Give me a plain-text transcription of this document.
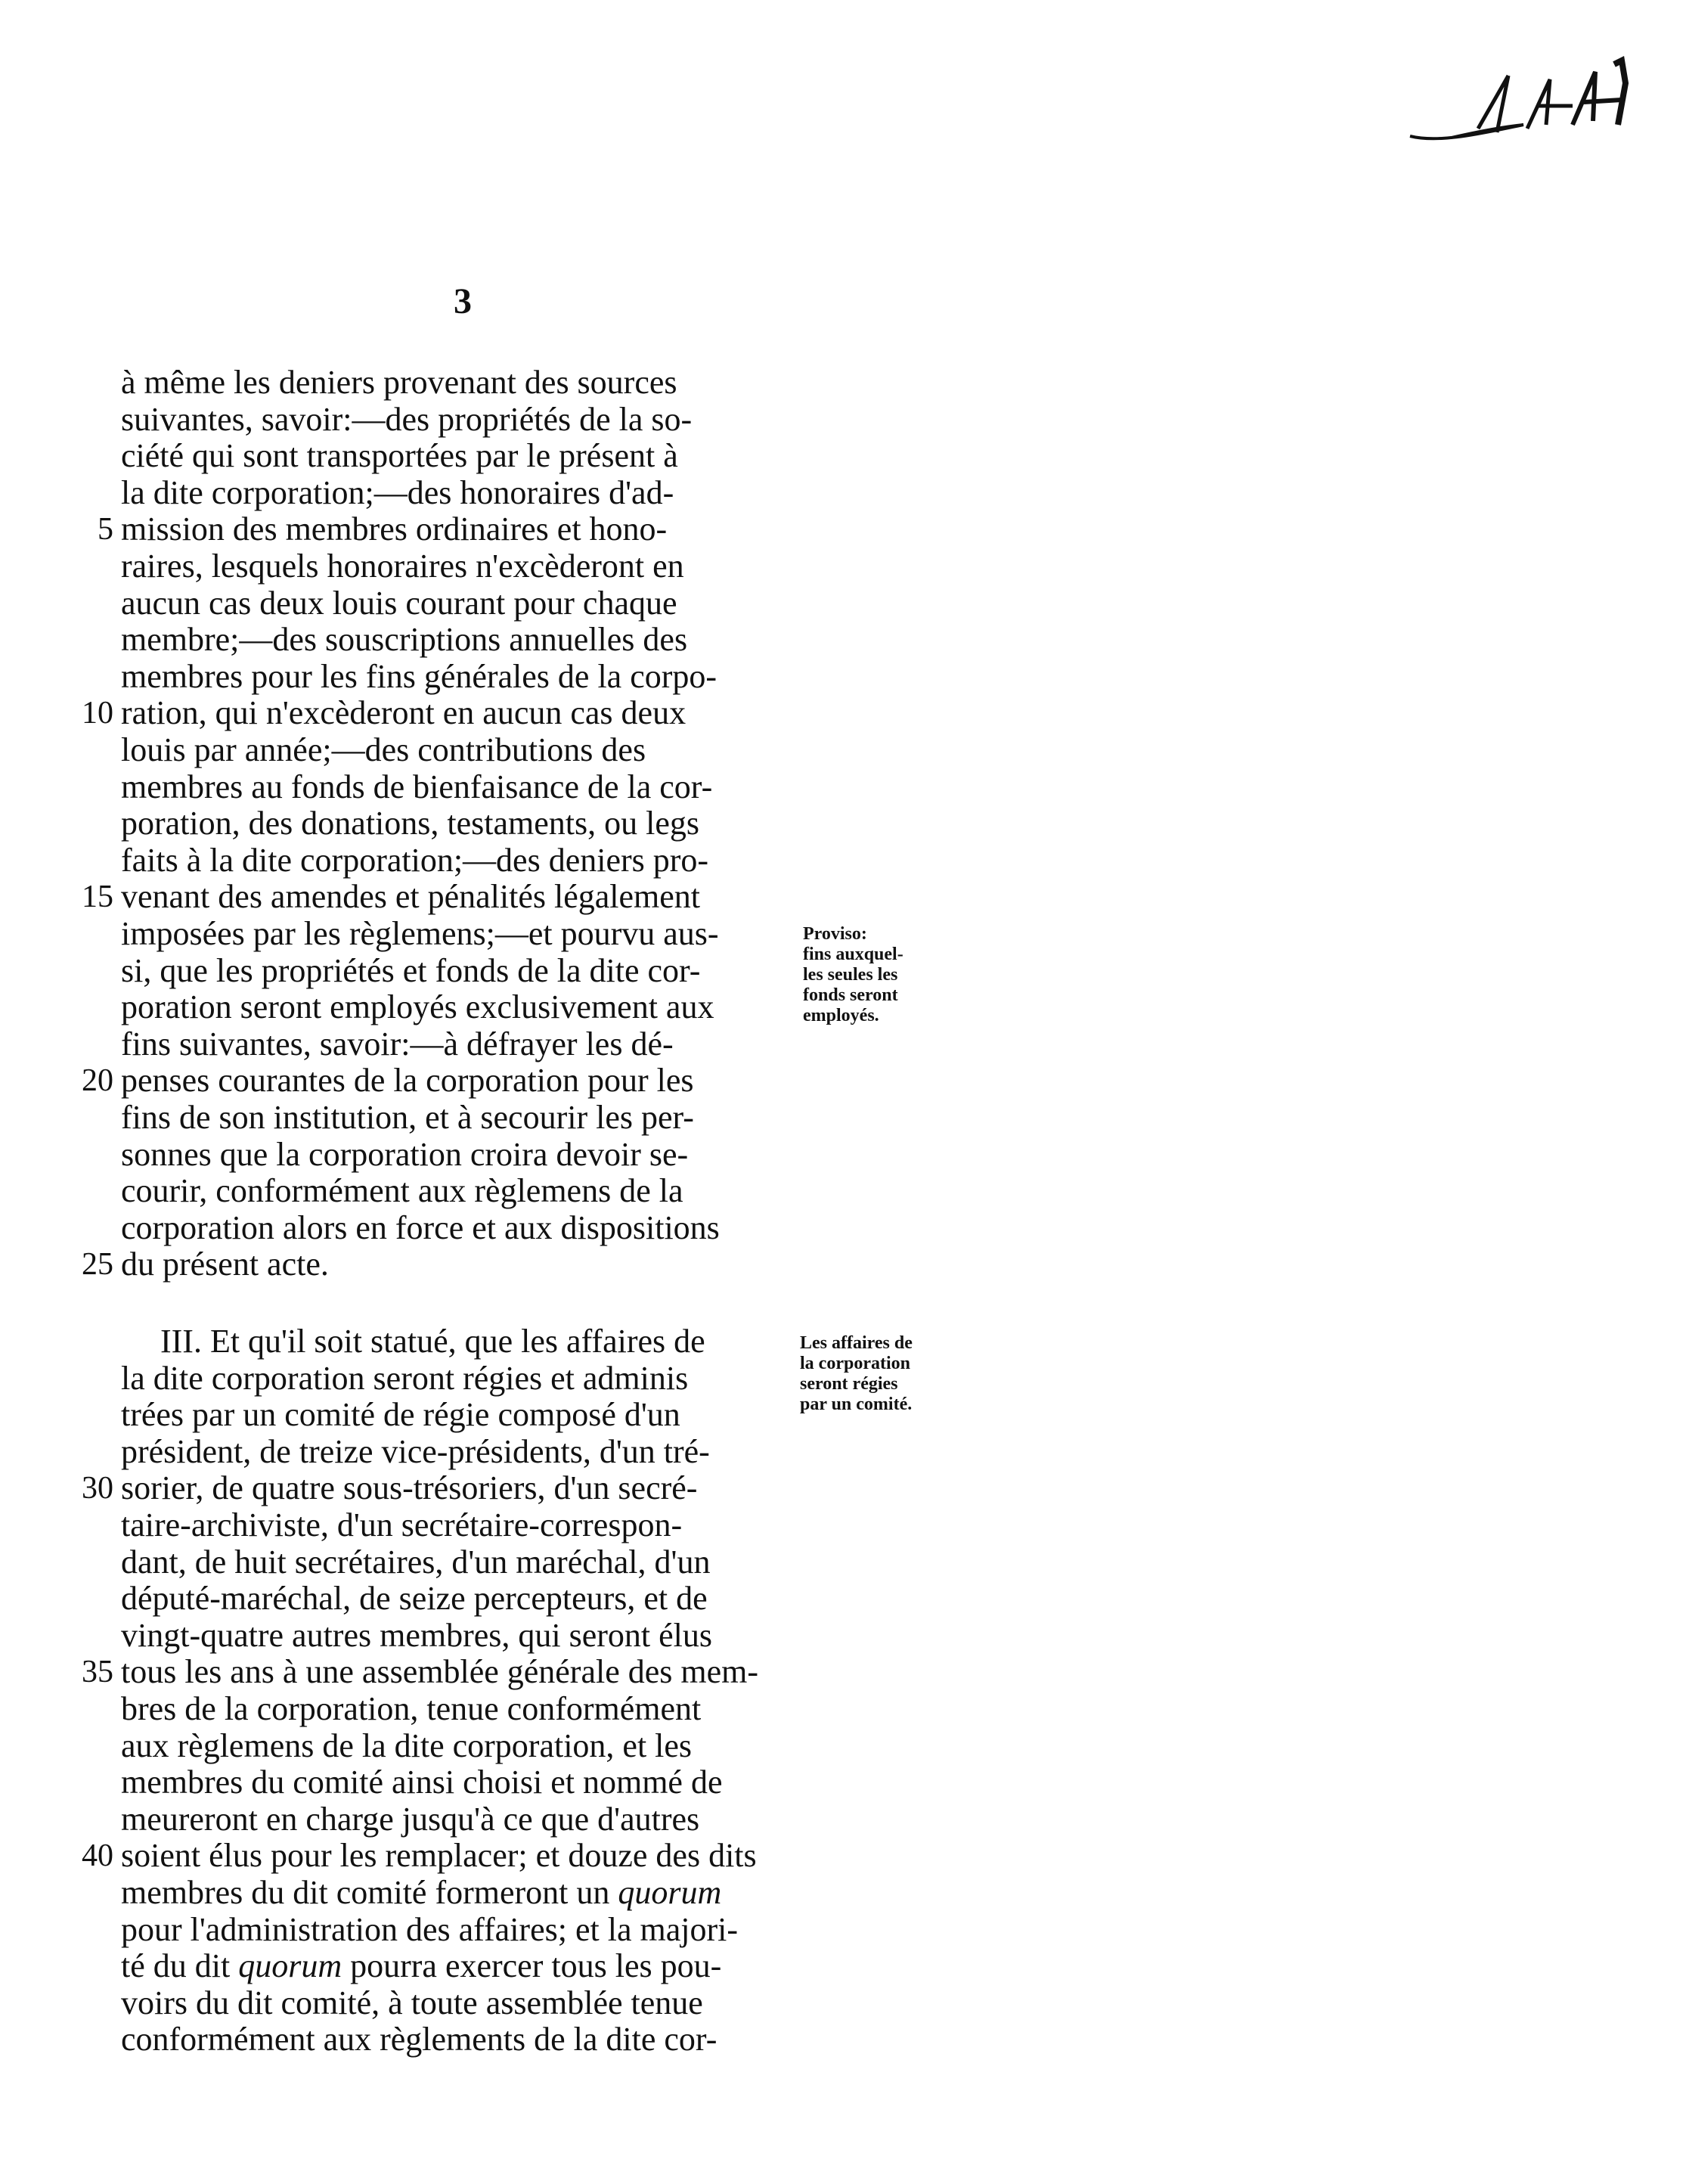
3
à même les deniers provenant des sources
suivantes, savoir:—des propriétés de la so-
ciété qui sont transportées par le présent à
la dite corporation;—des honoraires d'ad-
5 mission des membres ordinaires et hono-
raires, lesquels honoraires n'excèderont en
aucun cas deux louis courant pour chaque
membre;—des souscriptions annuelles des
membres pour les fins générales de la corpo-
10 ration, qui n'excèderont en aucun cas deux
louis par année;—des contributions des
membres au fonds de bienfaisance de la cor-
poration, des donations, testaments, ou legs
faits à la dite corporation;—des deniers pro-
15 venant des amendes et pénalités légalement
imposées par les règlemens;—et pourvu aus-
si, que les propriétés et fonds de la dite cor-
poration seront employés exclusivement aux
fins suivantes, savoir:—à défrayer les dé-
20 penses courantes de la corporation pour les
fins de son institution, et à secourir les per-
sonnes que la corporation croira devoir se-
courir, conformément aux règlemens de la
corporation alors en force et aux dispositions
25 du présent acte.
III. Et qu'il soit statué, que les affaires de
la dite corporation seront régies et adminis
trées par un comité de régie composé d'un
président, de treize vice-présidents, d'un tré-
30 sorier, de quatre sous-trésoriers, d'un secré-
taire-archiviste, d'un secrétaire-correspon-
dant, de huit secrétaires, d'un maréchal, d'un
député-maréchal, de seize percepteurs, et de
vingt-quatre autres membres, qui seront élus
35 tous les ans à une assemblée générale des mem-
bres de la corporation, tenue conformément
aux règlemens de la dite corporation, et les
membres du comité ainsi choisi et nommé de
meureront en charge jusqu'à ce que d'autres
40 soient élus pour les remplacer; et douze des dits
membres du dit comité formeront un quorum
pour l'administration des affaires; et la majori-
té du dit quorum pourra exercer tous les pou-
voirs du dit comité, à toute assemblée tenue
conformément aux règlements de la dite cor-
Proviso:
fins auxquel-
les seules les
fonds seront
employés.
Les affaires de
la corporation
seront régies
par un comité.
